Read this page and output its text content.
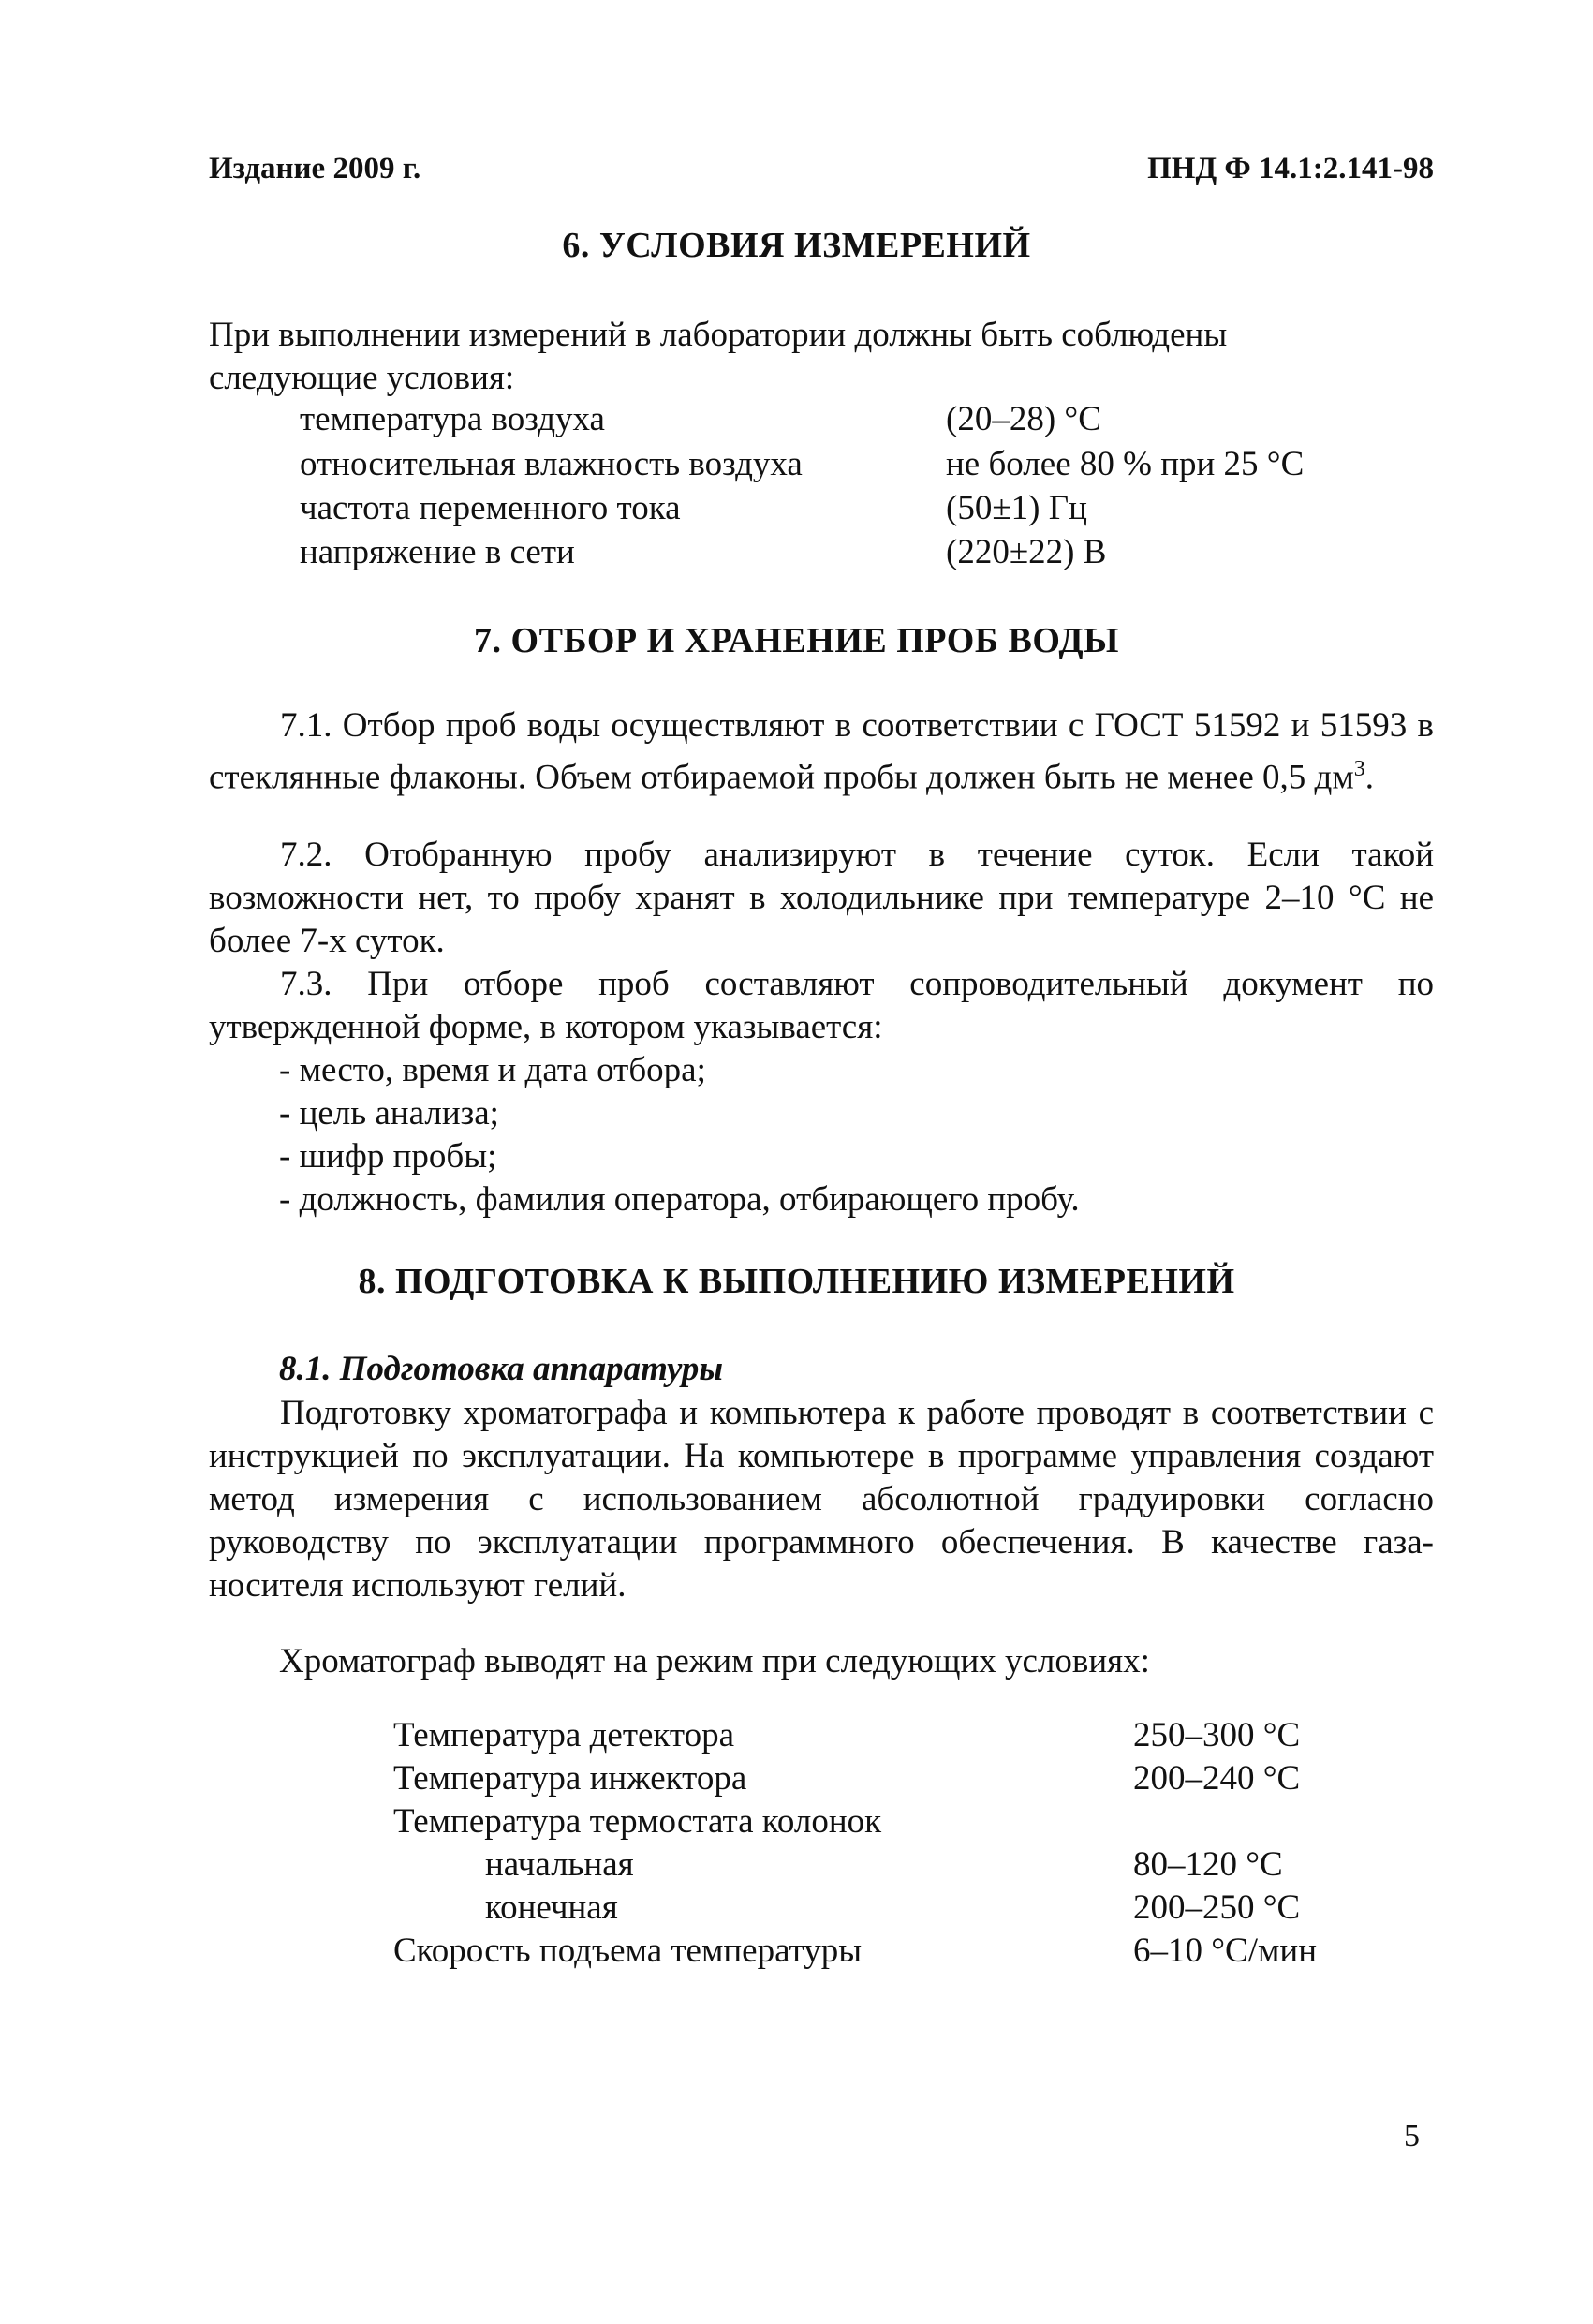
Издание 2009 г.	ПНД Ф 14.1:2.141-98
6. УСЛОВИЯ ИЗМЕРЕНИЙ
При выполнении измерений в лаборатории должны быть соблюдены
следующие условия:
температура воздуха	(20–28) °С
относительная влажность воздуха	не более 80 % при 25 °С
частота переменного тока	(50±1) Гц
напряжение в сети	(220±22) В
7. ОТБОР И ХРАНЕНИЕ ПРОБ ВОДЫ
7.1. Отбор проб воды осуществляют в соответствии с ГОСТ 51592 и 51593 в стеклянные флаконы. Объем отбираемой пробы должен быть не менее 0,5 $дм^3$.
7.2. Отобранную пробу анализируют в течение суток. Если такой возможности нет, то пробу хранят в холодильнике при температуре 2–10 °С не более 7-х суток.
7.3. При отборе проб составляют сопроводительный документ по утвержденной форме, в котором указывается:
- место, время и дата отбора;
- цель анализа;
- шифр пробы;
- должность, фамилия оператора, отбирающего пробу.
8. ПОДГОТОВКА К ВЫПОЛНЕНИЮ ИЗМЕРЕНИЙ
8.1. Подготовка аппаратуры
Подготовку хроматографа и компьютера к работе проводят в соответствии с инструкцией по эксплуатации. На компьютере в программе управления создают метод измерения с использованием абсолютной градуировки согласно руководству по эксплуатации программного обеспечения. В качестве газа-носителя используют гелий.
Хроматограф выводят на режим при следующих условиях:
Температура детектора	250–300 °С
Температура инжектора	200–240 °С
Температура термостата колонок
начальная	80–120 °С
конечная	200–250 °С
Скорость подъема температуры	6–10 °С/мин
5
